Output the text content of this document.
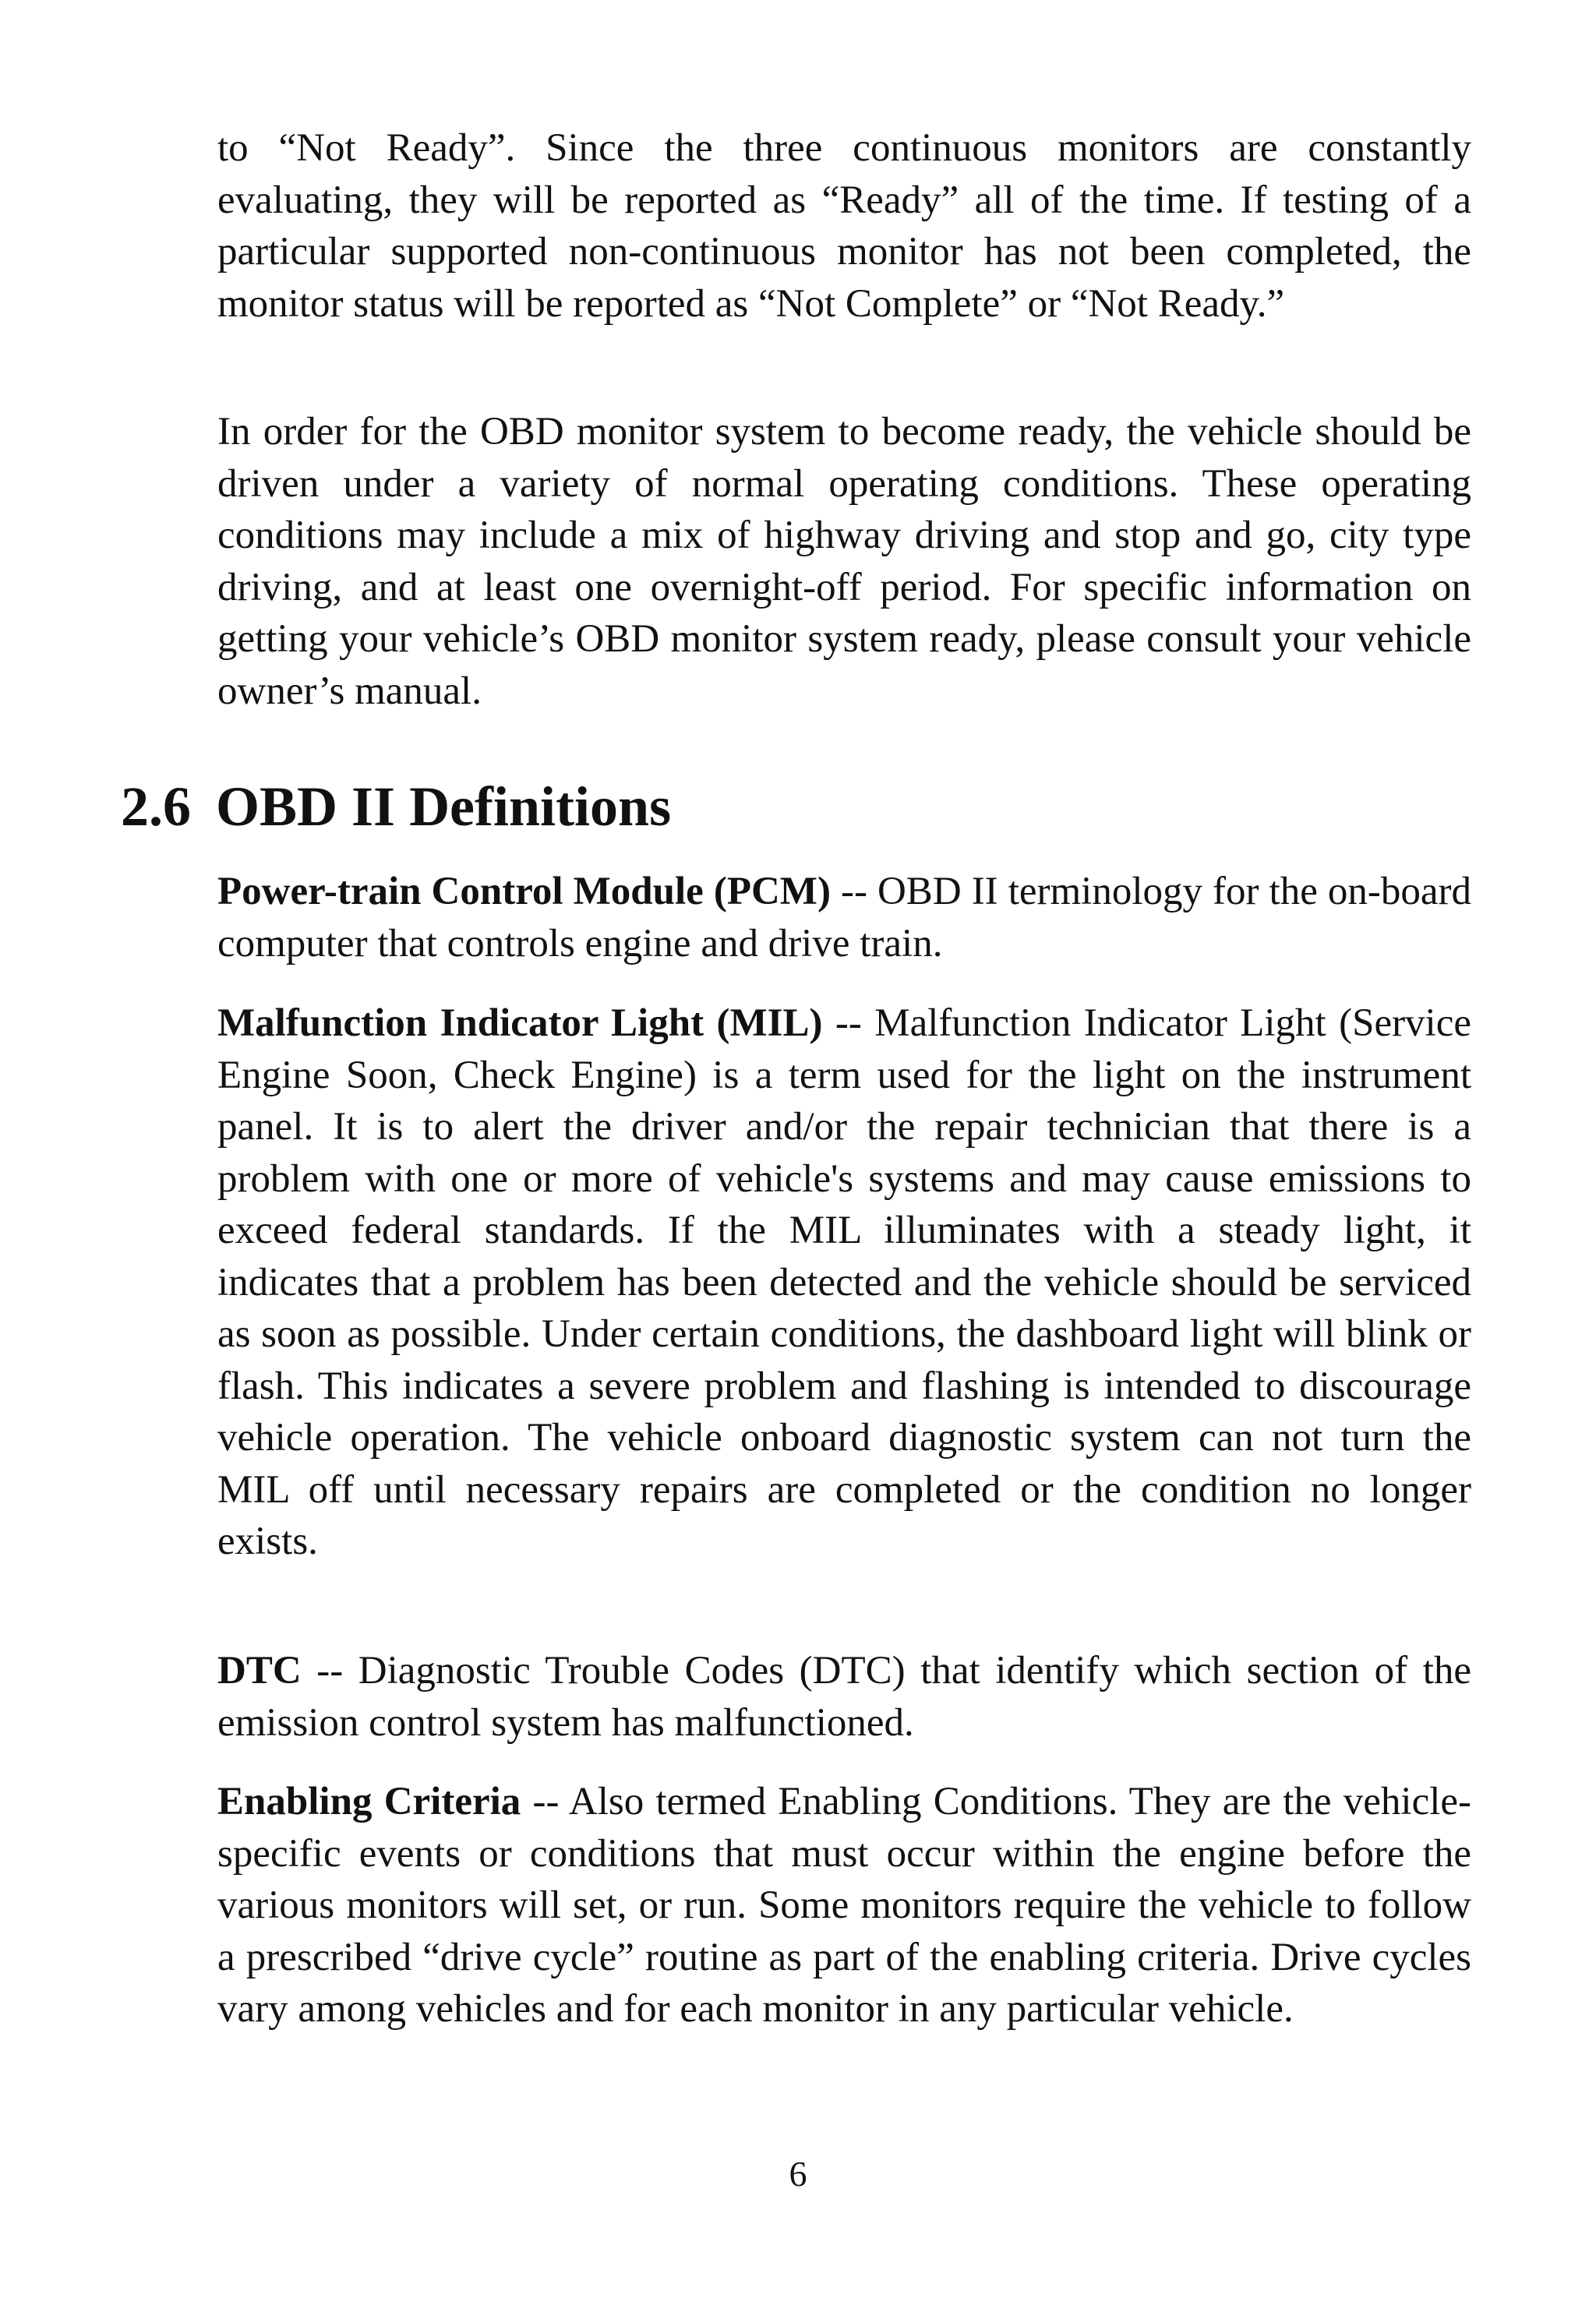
to “Not Ready”. Since the three continuous monitors are constantly evaluating, they will be reported as “Ready” all of the time. If testing of a particular supported non-continuous monitor has not been completed, the monitor status will be reported as “Not Complete” or “Not Ready.”

In order for the OBD monitor system to become ready, the vehicle should be driven under a variety of normal operating conditions. These operating conditions may include a mix of highway driving and stop and go, city type driving, and at least one overnight-off period. For specific information on getting your vehicle’s OBD monitor system ready, please consult your vehicle owner’s manual.

2.6 OBD II Definitions

Power-train Control Module (PCM) -- OBD II terminology for the on-board computer that controls engine and drive train.

Malfunction Indicator Light (MIL) -- Malfunction Indicator Light (Service Engine Soon, Check Engine) is a term used for the light on the instrument panel. It is to alert the driver and/or the repair technician that there is a problem with one or more of vehicle's systems and may cause emissions to exceed federal standards. If the MIL illuminates with a steady light, it indicates that a problem has been detected and the vehicle should be serviced as soon as possible. Under certain conditions, the dashboard light will blink or flash. This indicates a severe problem and flashing is intended to discourage vehicle operation. The vehicle onboard diagnostic system can not turn the MIL off until necessary repairs are completed or the condition no longer exists.

DTC -- Diagnostic Trouble Codes (DTC) that identify which section of the emission control system has malfunctioned.

Enabling Criteria -- Also termed Enabling Conditions. They are the vehicle-specific events or conditions that must occur within the engine before the various monitors will set, or run. Some monitors require the vehicle to follow a prescribed “drive cycle” routine as part of the enabling criteria. Drive cycles vary among vehicles and for each monitor in any particular vehicle.

6
